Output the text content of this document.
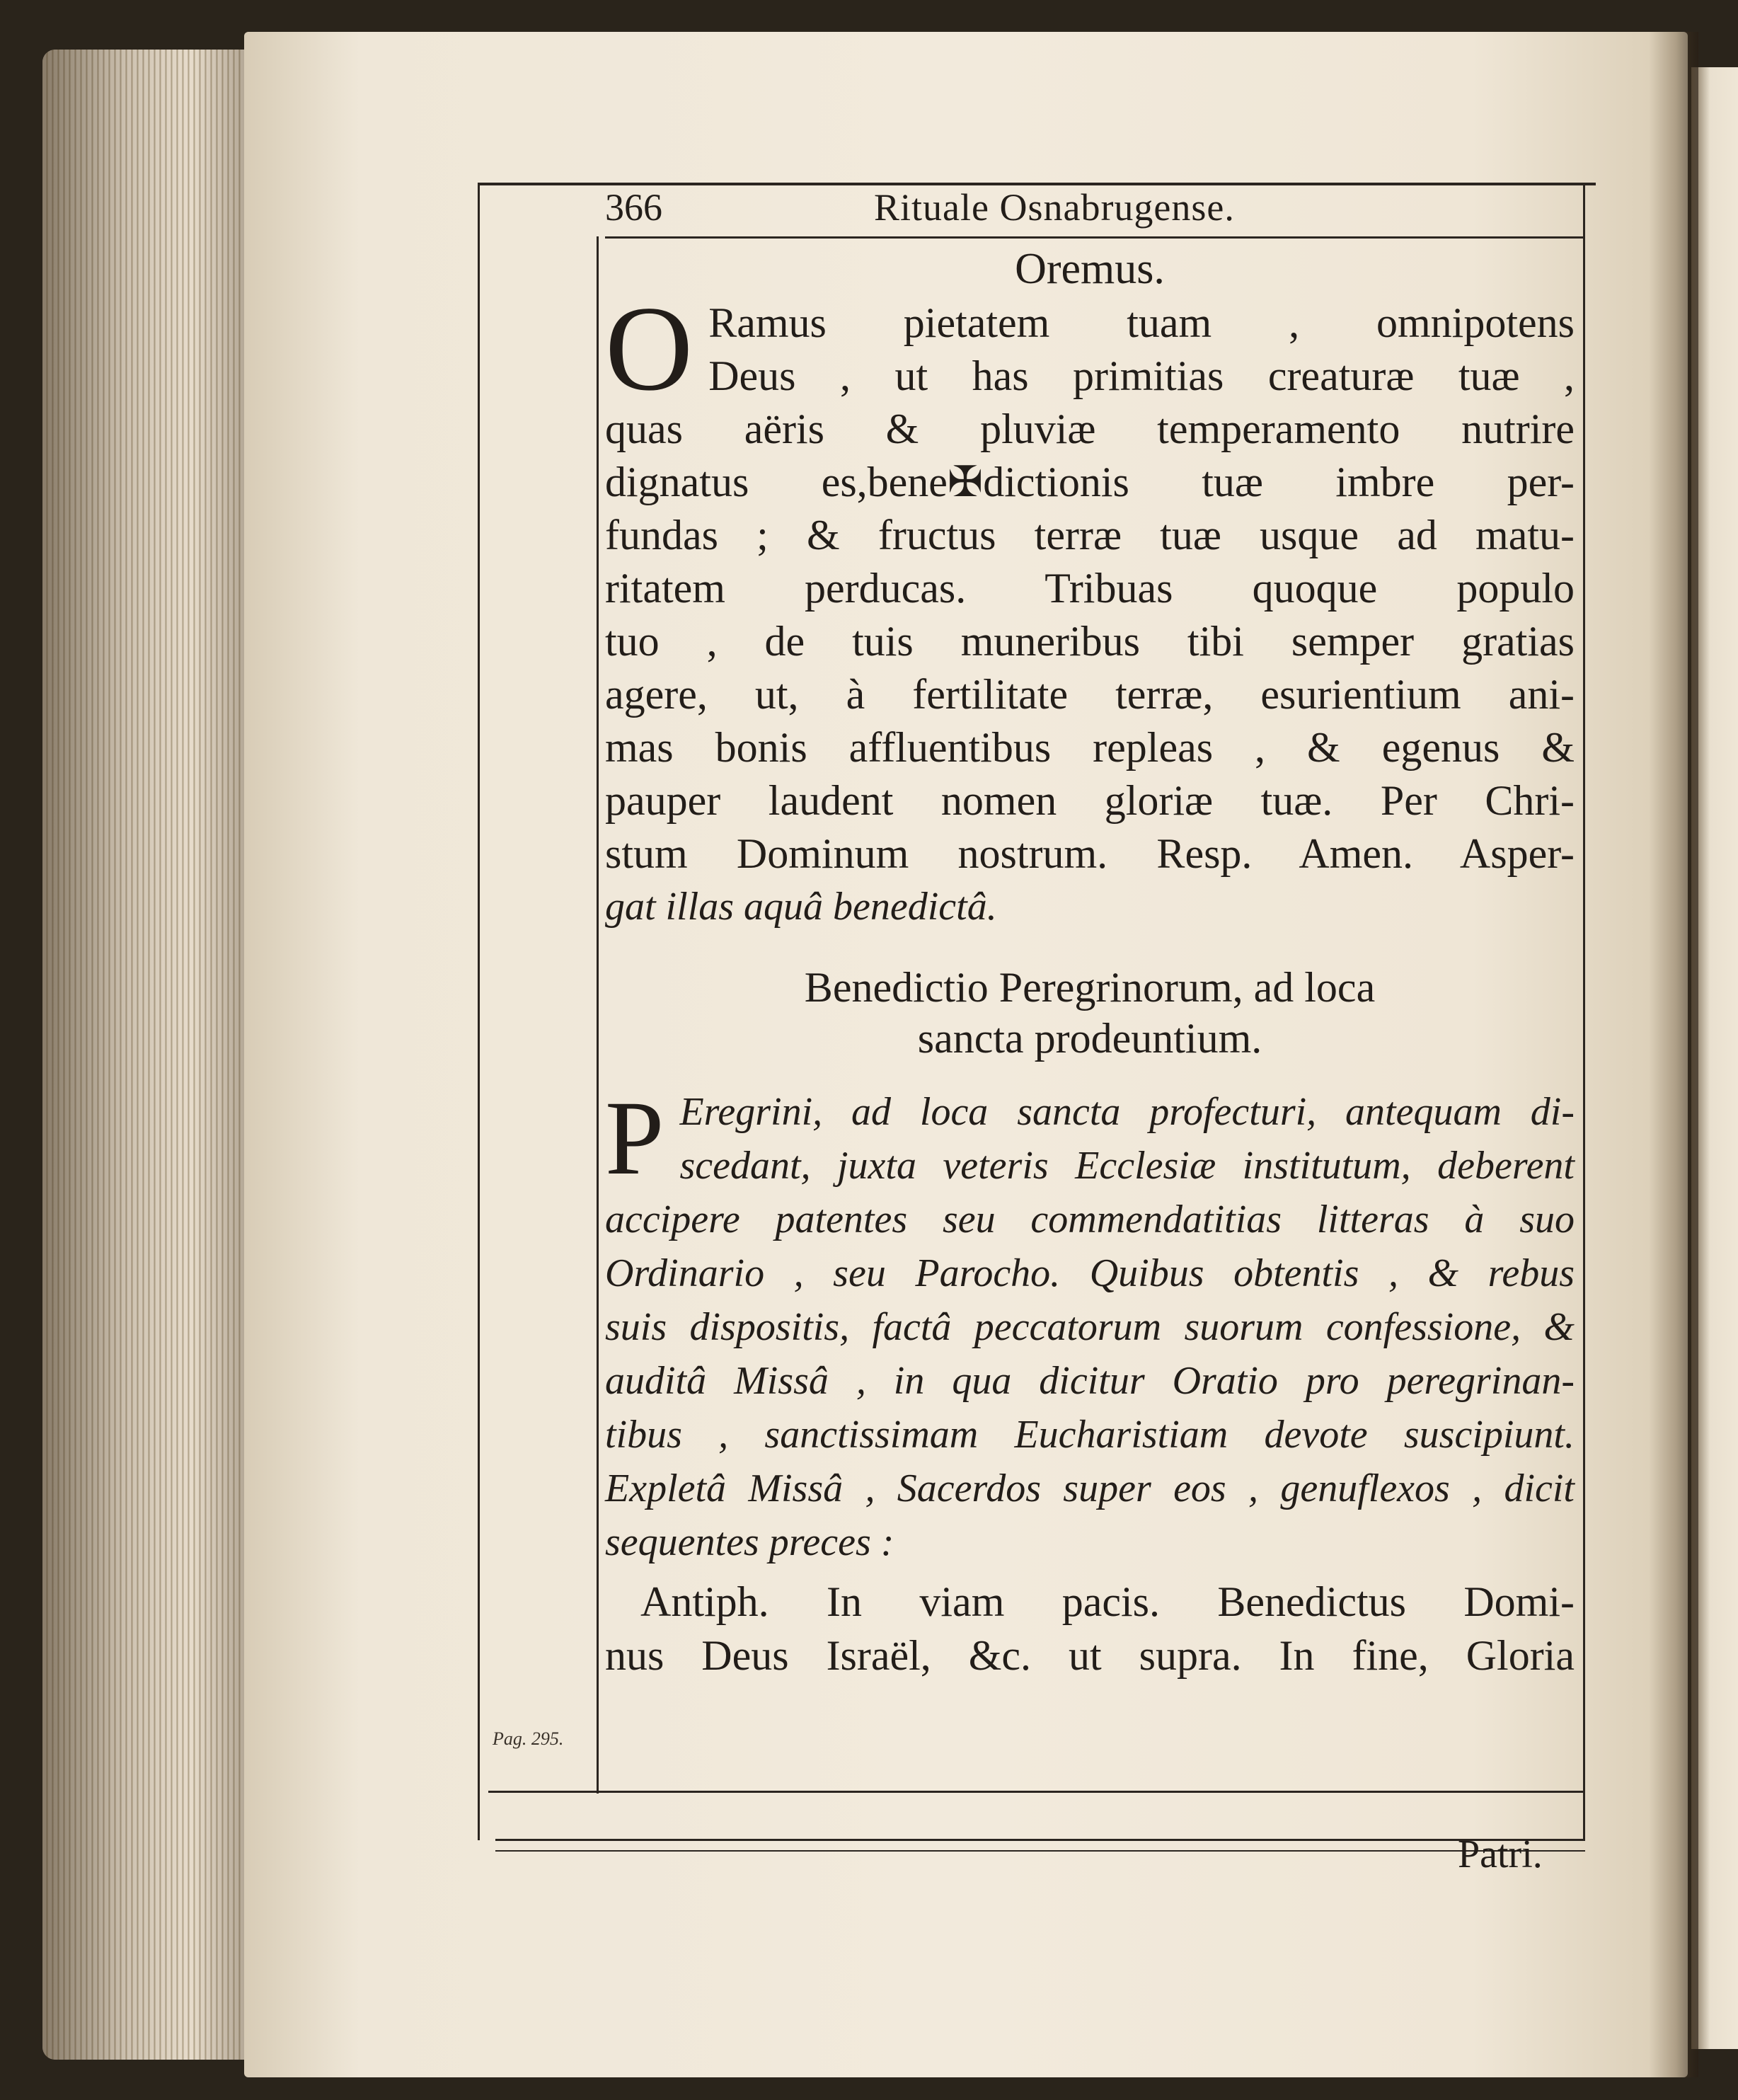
366	Rituale Osnabrugense.

Oremus.

O Ramus pietatem tuam , omnipotens
Deus , ut has primitias creaturæ tuæ ,
quas aëris & pluviæ temperamento nutrire
dignatus es,bene✠dictionis tuæ imbre per-
fundas ; & fructus terræ tuæ usque ad matu-
ritatem perducas. Tribuas quoque populo
tuo , de tuis muneribus tibi semper gratias
agere, ut, à fertilitate terræ, esurientium ani-
mas bonis affluentibus repleas , & egenus &
pauper laudent nomen gloriæ tuæ. Per Chri-
stum Dominum nostrum. Resp. Amen. Asper-
gat illas aquâ benedictâ.

Benedictio Peregrinorum, ad loca

sancta prodeuntium.

P Eregrini, ad loca sancta profecturi, antequam di-
scedant, juxta veteris Ecclesiæ institutum, deberent
accipere patentes seu commendatitias litteras à suo
Ordinario , seu Parocho. Quibus obtentis , & rebus
suis dispositis, factâ peccatorum suorum confessione, &
auditâ Missâ , in qua dicitur Oratio pro peregrinan-
tibus , sanctissimam Eucharistiam devote suscipiunt.
Expletâ Missâ , Sacerdos super eos , genuflexos , dicit
sequentes preces :
Antiph. In viam pacis. Benedictus Domi-
nus Deus Israël, &c. ut supra. In fine, Gloria
Pag. 295.
Patri.
